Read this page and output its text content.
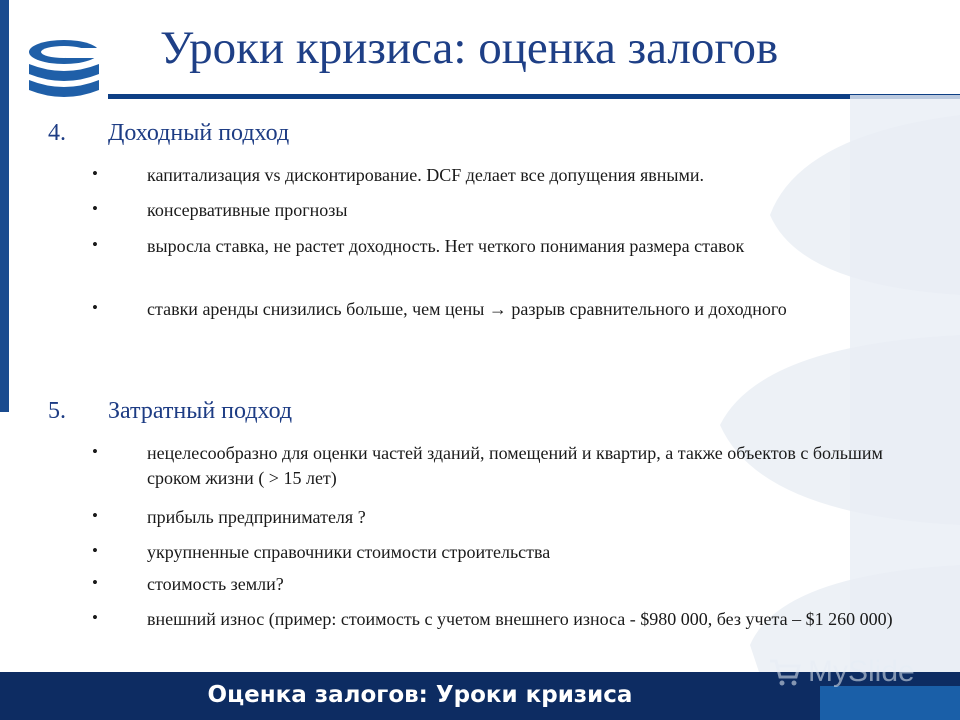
Уроки кризиса: оценка залогов
4. Доходный подход
•	капитализация vs дисконтирование. DCF делает все допущения явными.
•	консервативные прогнозы
•	выросла ставка, не растет доходность. Нет четкого понимания размера ставок
•	ставки аренды снизились больше, чем цены → разрыв сравнительного и доходного
5. Затратный подход
•	нецелесообразно для оценки частей зданий, помещений и квартир, а также объектов с большим сроком жизни ( > 15 лет)
•	прибыль предпринимателя ?
•	укрупненные справочники стоимости строительства
•	стоимость земли?
•	внешний износ (пример: стоимость с учетом внешнего износа - $980 000, без учета – $1 260 000)
Оценка залогов: Уроки кризиса
MySlide
